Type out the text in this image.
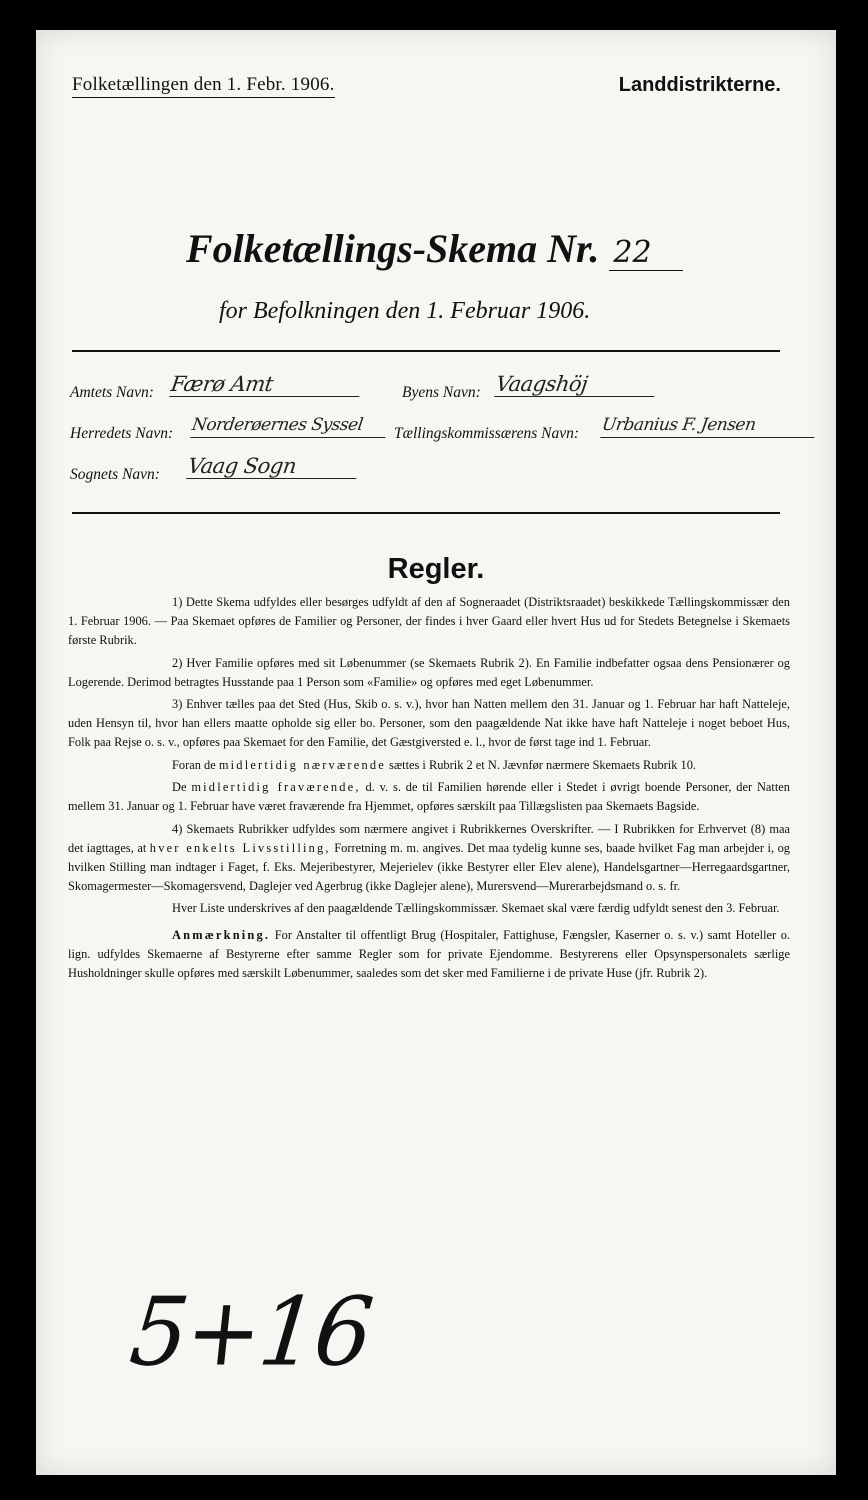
Folketællingen den 1. Febr. 1906.	Landdistrikterne.
Folketællings-Skema Nr. 22
for Befolkningen den 1. Februar 1906.
Amtets Navn: Færø Amt	Byens Navn: Vaagshöj
Herredets Navn: Norderøernes Syssel	Tællingskommissærens Navn: Urbanius F. Jensen
Sognets Navn: Vaag Sogn
Regler.

1) Dette Skema udfyldes eller besørges udfyldt af den af Sogneraadet (Distriktsraadet) beskikkede Tællingskommissær den 1. Februar 1906. — Paa Skemaet opføres de Familier og Personer, der findes i hver Gaard eller hvert Hus ud for Stedets Betegnelse i Skemaets første Rubrik.

2) Hver Familie opføres med sit Løbenummer (se Skemaets Rubrik 2). En Familie indbefatter ogsaa dens Pensionærer og Logerende. Derimod betragtes Husstande paa 1 Person som «Familie» og opføres med eget Løbenummer.

3) Enhver tælles paa det Sted (Hus, Skib o. s. v.), hvor han Natten mellem den 31. Januar og 1. Februar har haft Natteleje, uden Hensyn til, hvor han ellers maatte opholde sig eller bo. Personer, som den paagældende Nat ikke have haft Natteleje i noget beboet Hus, Folk paa Rejse o. s. v., opføres paa Skemaet for den Familie, det Gæstgiversted e. l., hvor de først tage ind 1. Februar.

Foran de midlertidig nærværende sættes i Rubrik 2 et N. Jævnfør nærmere Skemaets Rubrik 10.

De midlertidig fraværende, d. v. s. de til Familien hørende eller i Stedet i øvrigt boende Personer, der Natten mellem 31. Januar og 1. Februar have været fraværende fra Hjemmet, opføres særskilt paa Tillægslisten paa Skemaets Bagside.

4) Skemaets Rubrikker udfyldes som nærmere angivet i Rubrikkernes Overskrifter. — I Rubrikken for Erhvervet (8) maa det iagttages, at hver enkelts Livsstilling, Forretning m. m. angives. Det maa tydelig kunne ses, baade hvilket Fag man arbejder i, og hvilken Stilling man indtager i Faget, f. Eks. Mejeribestyrer, Mejerielev (ikke Bestyrer eller Elev alene), Handelsgartner—Herregaardsgartner, Skomagermester—Skomagersvend, Daglejer ved Agerbrug (ikke Daglejer alene), Murersvend—Murerarbejdsmand o. s. fr.

Hver Liste underskrives af den paagældende Tællingskommissær. Skemaet skal være færdig udfyldt senest den 3. Februar.

Anmærkning. For Anstalter til offentligt Brug (Hospitaler, Fattighuse, Fængsler, Kaserner o. s. v.) samt Hoteller o. lign. udfyldes Skemaerne af Bestyrerne efter samme Regler som for private Ejendomme. Bestyrerens eller Opsynspersonalets særlige Husholdninger skulle opføres med særskilt Løbenummer, saaledes som det sker med Familierne i de private Huse (jfr. Rubrik 2).

5+16
